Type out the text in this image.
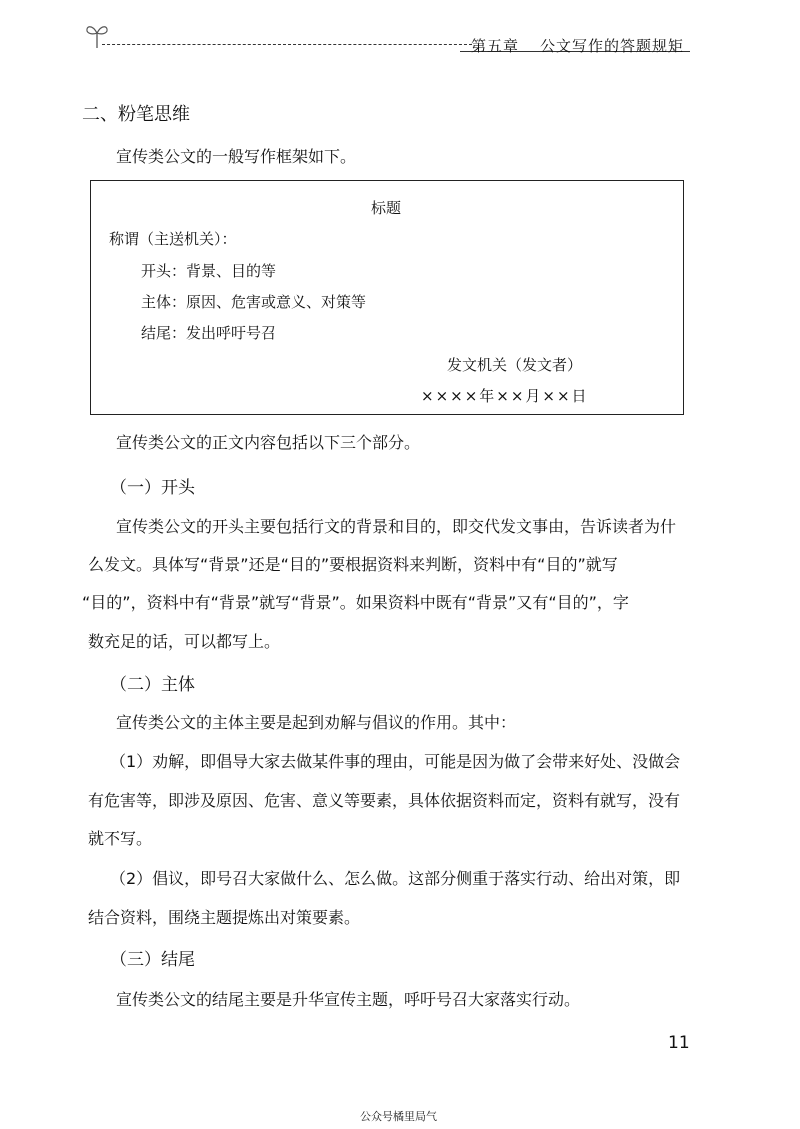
第五章 公文写作的答题规矩
二、粉笔思维
宣传类公文的一般写作框架如下。
标题
称谓（主送机关）：
开头：背景、目的等
主体：原因、危害或意义、对策等
结尾：发出呼吁号召
发文机关（发文者）
××××年××月××日
宣传类公文的正文内容包括以下三个部分。
（一）开头
宣传类公文的开头主要包括行文的背景和目的，即交代发文事由，告诉读者为什
么发文。具体写“背景”还是“目的”要根据资料来判断，资料中有“目的”就写
“目的”，资料中有“背景”就写“背景”。如果资料中既有“背景”又有“目的”，字
数充足的话，可以都写上。
（二）主体
宣传类公文的主体主要是起到劝解与倡议的作用。其中：
（1）劝解，即倡导大家去做某件事的理由，可能是因为做了会带来好处、没做会
有危害等，即涉及原因、危害、意义等要素，具体依据资料而定，资料有就写，没有
就不写。
（2）倡议，即号召大家做什么、怎么做。这部分侧重于落实行动、给出对策，即
结合资料，围绕主题提炼出对策要素。
（三）结尾
宣传类公文的结尾主要是升华宣传主题，呼吁号召大家落实行动。
11
公众号橘里局气
